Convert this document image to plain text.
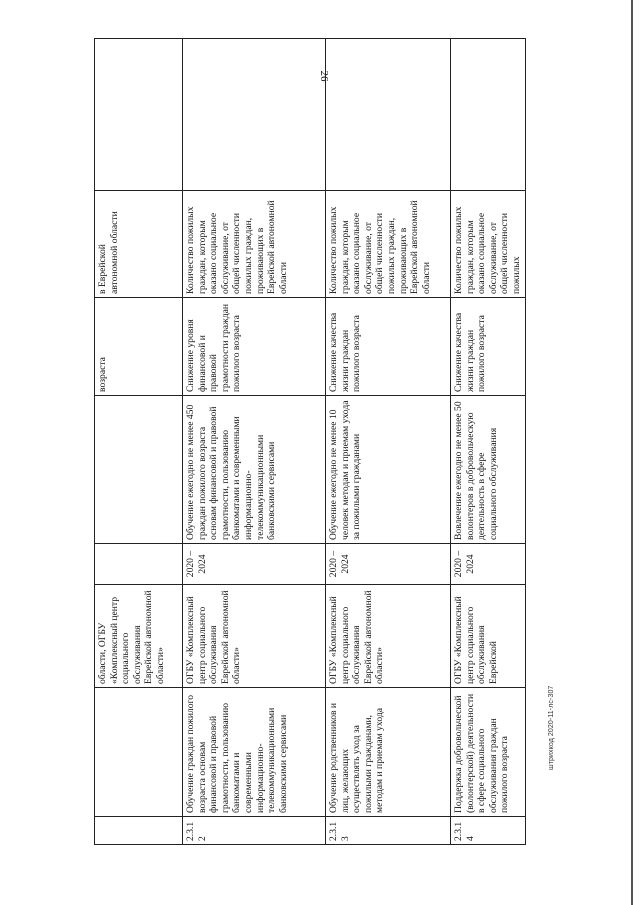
26
		области, ОГБУ «Комплексный центр социального обслуживания Еврейской автономной области»			возраста	в Еврейской автономной области	
2.3.12	Обучение граждан пожилого возраста основам финансовой и правовой грамотности, пользованию банкоматами и современными информационно-телекоммуникационными банковскими сервисами	ОГБУ «Комплексный центр социального обслуживания Еврейской автономной области»	2020 – 2024	Обучение ежегодно не менее 450 граждан пожилого возраста основам финансовой и правовой грамотности, пользованию банкоматами и современными информационно-телекоммуникационными банковскими сервисами	Снижение уровня финансовой и правовой грамотности граждан пожилого возраста	Количество пожилых граждан, которым оказано социальное обслуживание, от общей численности пожилых граждан, проживающих в Еврейской автономной области	
2.3.13	Обучение родственников и лиц, желающих осуществлять уход за пожилыми гражданами, методам и приемам ухода	ОГБУ «Комплексный центр социального обслуживания Еврейской автономной области»	2020 – 2024	Обучение ежегодно не менее 10 человек методам и приемам ухода за пожилыми гражданами	Снижение качества жизни граждан пожилого возраста	Количество пожилых граждан, которым оказано социальное обслуживание, от общей численности пожилых граждан, проживающих в Еврейской автономной области	
2.3.14	Поддержка добровольческой (волонтерской) деятельности в сфере социального обслуживания граждан пожилого возраста	ОГБУ «Комплексный центр социального обслуживания Еврейской	2020 – 2024	Вовлечение ежегодно не менее 50 волонтеров в добровольческую деятельность в сфере социального обслуживания	Снижение качества жизни граждан пожилого возраста	Количество пожилых граждан, которым оказано социальное обслуживание, от общей численности пожилых	
штрихкод 2020-11-лс-307
